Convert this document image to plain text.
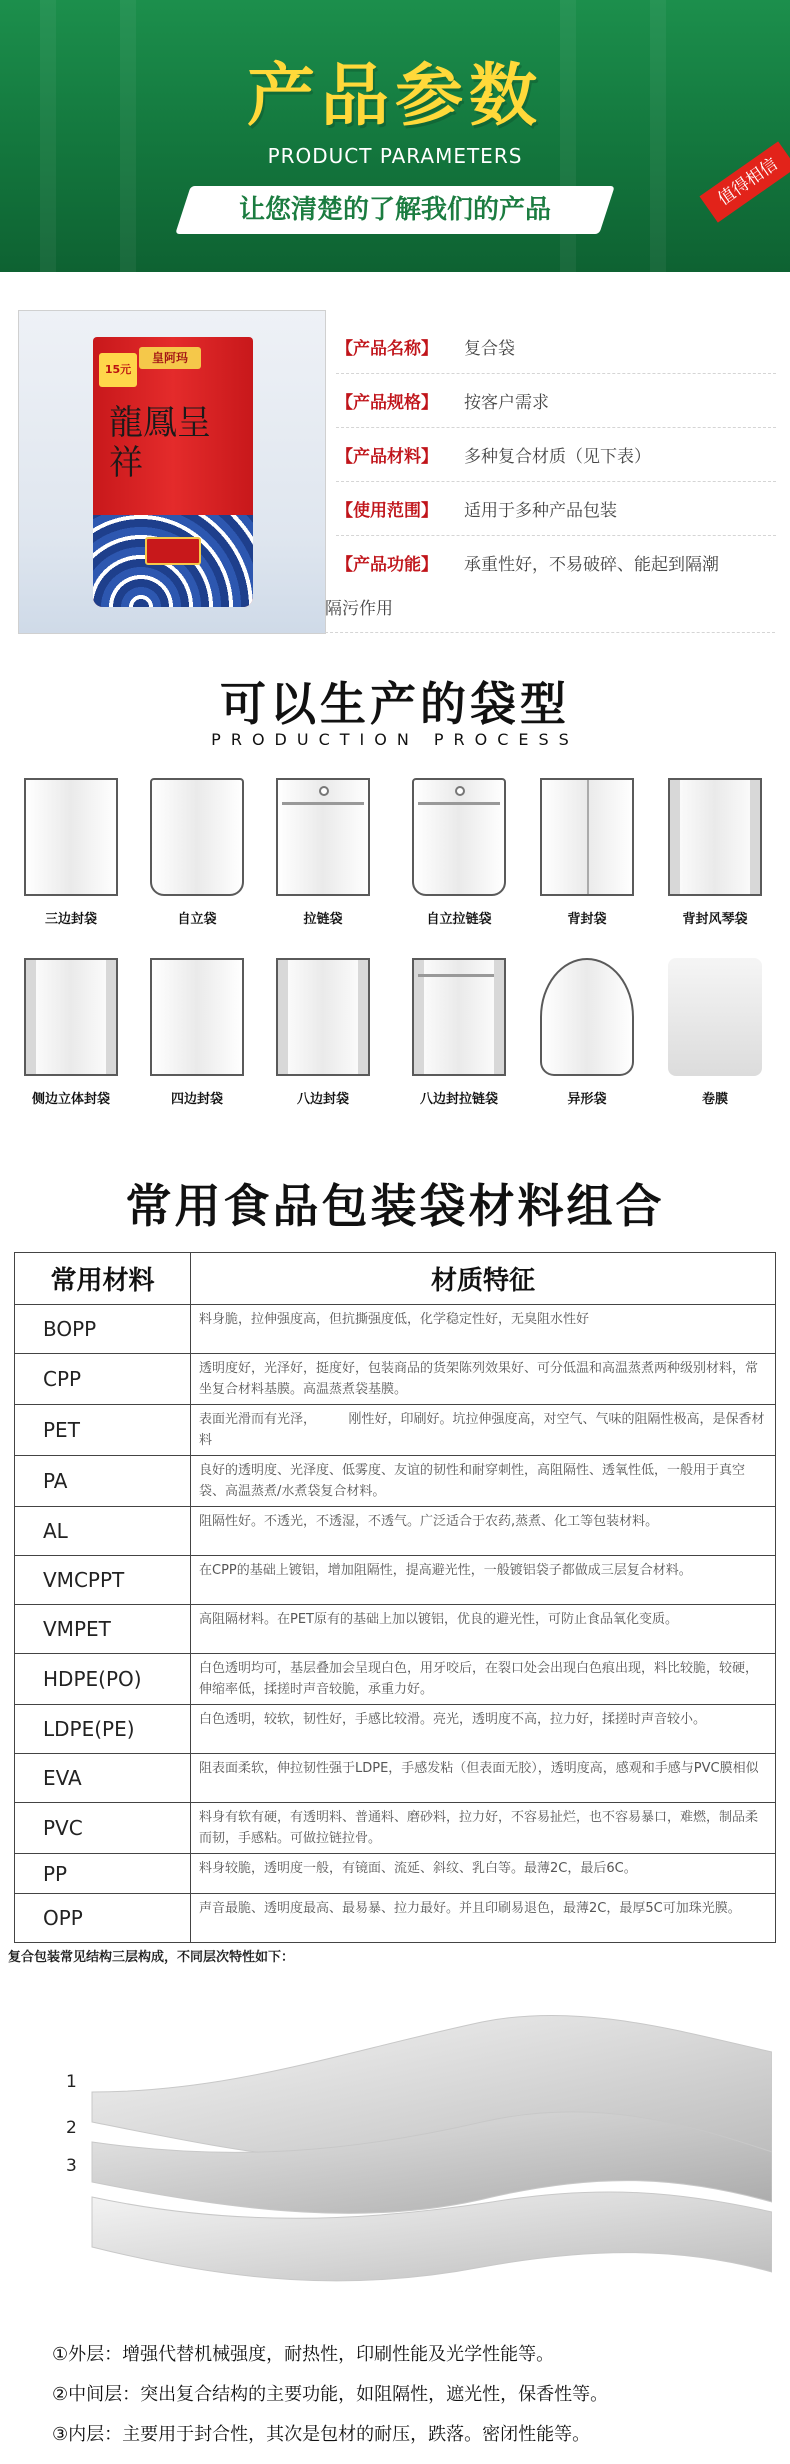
产品参数
PRODUCT PARAMETERS
让您清楚的了解我们的产品
值得相信
皇阿玛
15元
龍鳳呈祥
【产品名称】 复合袋
【产品规格】 按客户需求
【产品材料】 多种复合材质（见下表）
【使用范围】 适用于多种产品包装
【产品功能】 承重性好，不易破碎、能起到隔潮
隔污作用
可以生产的袋型
PRODUCTION PROCESS
三边封袋	自立袋	拉链袋	自立拉链袋	背封袋	背封风琴袋
侧边立体封袋	四边封袋	八边封袋	八边封拉链袋	异形袋	卷膜
常用食品包装袋材料组合
常用材料	材质特征
BOPP	料身脆，拉伸强度高，但抗撕强度低，化学稳定性好，无臭阻水性好
CPP	透明度好，光泽好，挺度好，包装商品的货架陈列效果好、可分低温和高温蒸煮两种级别材料，常坐复合材料基膜。高温蒸煮袋基膜。
PET	表面光滑而有光泽，　　　刚性好，印刷好。坑拉伸强度高，对空气、气味的阻隔性极高，是保香材料
PA	良好的透明度、光泽度、低雾度、友谊的韧性和耐穿刺性，高阻隔性、透氧性低，一般用于真空袋、高温蒸煮/水煮袋复合材料。
AL	阻隔性好。不透光，不透湿，不透气。广泛适合于农药,蒸煮、化工等包装材料。
VMCPPT	在CPP的基础上镀铝，增加阻隔性，提高避光性，一般镀铝袋子都做成三层复合材料。
VMPET	高阻隔材料。在PET原有的基础上加以镀铝，优良的避光性，可防止食品氧化变质。
HDPE(PO)	白色透明均可，基层叠加会呈现白色，用牙咬后，在裂口处会出现白色痕出现，料比较脆，较硬，伸缩率低，揉搓时声音较脆，承重力好。
LDPE(PE)	白色透明，较软，韧性好，手感比较滑。亮光，透明度不高，拉力好，揉搓时声音较小。
EVA	阻表面柔软，伸拉韧性强于LDPE，手感发粘（但表面无胶），透明度高，感观和手感与PVC膜相似
PVC	料身有软有硬，有透明料、普通料、磨砂料，拉力好，不容易扯烂，也不容易暴口，难燃，制品柔而韧，手感粘。可做拉链拉骨。
PP	料身较脆，透明度一般，有镜面、流延、斜纹、乳白等。最薄2C，最后6C。
OPP	声音最脆、透明度最高、最易暴、拉力最好。并且印刷易退色，最薄2C，最厚5C可加珠光膜。
复合包装常见结构三层构成，不同层次特性如下：
1
2
3
①外层：增强代替机械强度，耐热性，印刷性能及光学性能等。
②中间层：突出复合结构的主要功能，如阻隔性，遮光性，保香性等。
③内层：主要用于封合性，其次是包材的耐压，跌落。密闭性能等。
